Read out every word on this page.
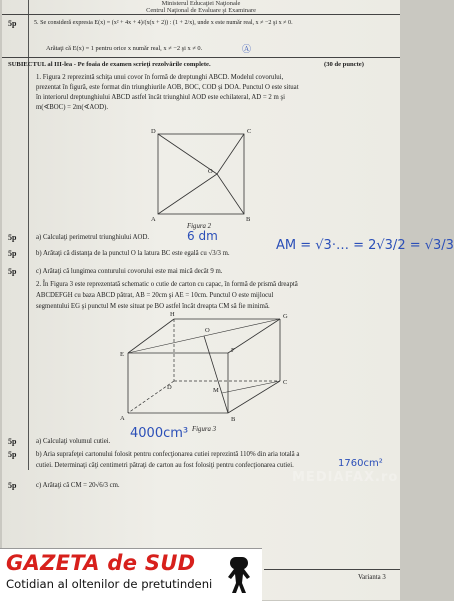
Ministerul Educaţiei Naţionale
Centrul Naţional de Evaluare şi Examinare
5p	5. Se consideră expresia E(x) = (x² + 4x + 4)/(x(x + 2)) : (1 + 2/x), unde x este număr real, x ≠ −2 şi x ≠ 0.
Arătaţi că E(x) = 1 pentru orice x număr real, x ≠ −2 şi x ≠ 0.	Ⓐ
SUBIECTUL al III-lea - Pe foaia de examen scrieţi rezolvările complete.	(30 de puncte)
1. Figura 2 reprezintă schiţa unui covor în formă de dreptunghi ABCD. Modelul covorului,
prezentat în figură, este format din triunghiurile AOB, BOC, COD şi DOA. Punctul O este situat
în interiorul dreptunghiului ABCD astfel încât triunghiul AOD este echilateral, AD = 2 m şi
m(∢BOC) = 2m(∢AOD).
D	C
O
A	B
Figura 2
5p	a) Calculaţi perimetrul triunghiului AOD.	6 dm
5p	b) Arătaţi că distanţa de la punctul O la latura BC este egală cu √3/3 m.
AM = √3·… = 2√3/2 = √3/3
5p	c) Arătaţi că lungimea conturului covorului este mai mică decât 9 m.
2. În Figura 3 este reprezentată schematic o cutie de carton cu capac, în formă de prismă dreaptă
ABCDEFGH cu baza ABCD pătrat, AB = 20cm şi AE = 10cm. Punctul O este mijlocul
segmentului EG şi punctul M este situat pe BO astfel încât dreapta CM să fie minimă.
H	G
E
F
O
D
C
M
A	B
Figura 3
5p	a) Calculaţi volumul cutiei.
4000cm³
5p	b) Aria suprafeţei cartonului folosit pentru confecţionarea cutiei reprezintă 110% din aria totală a
cutiei. Determinaţi câţi centimetri pătraţi de carton au fost folosiţi pentru confecţionarea cutiei.	1760cm²
5p	c) Arătaţi că CM = 20√6/3 cm.
MEDIAFAX.ro
Varianta 3
GAZETA de SUD
Cotidian al oltenilor de pretutindeni
